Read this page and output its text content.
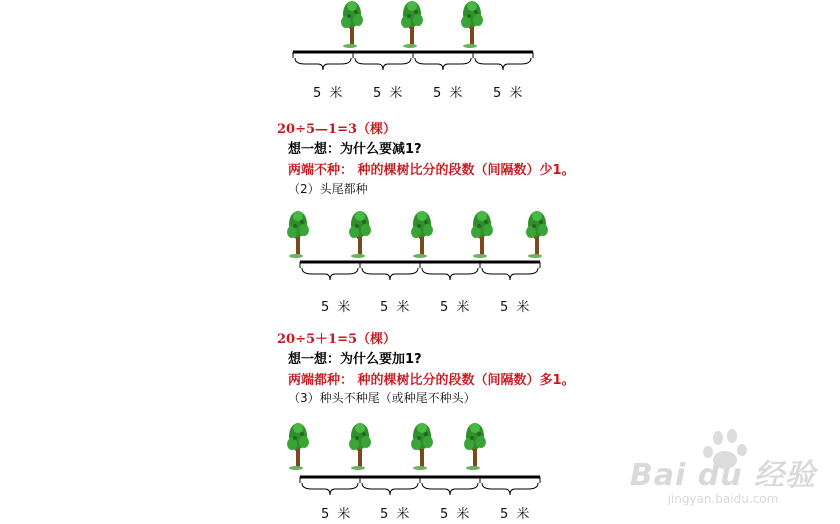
5 米 5 米 5 米 5 米
20÷5—1=3（棵）
想一想：为什么要减1?
两端不种： 种的棵树比分的段数（间隔数）少1。
（2）头尾都种
5 米 5 米 5 米 5 米
20÷5＋1=5（棵）
想一想：为什么要加1?
两端都种： 种的棵树比分的段数（间隔数）多1。
（3）种头不种尾（或种尾不种头）
5 米 5 米 5 米 5 米
Bai du 经验
jingyan.baidu.com
